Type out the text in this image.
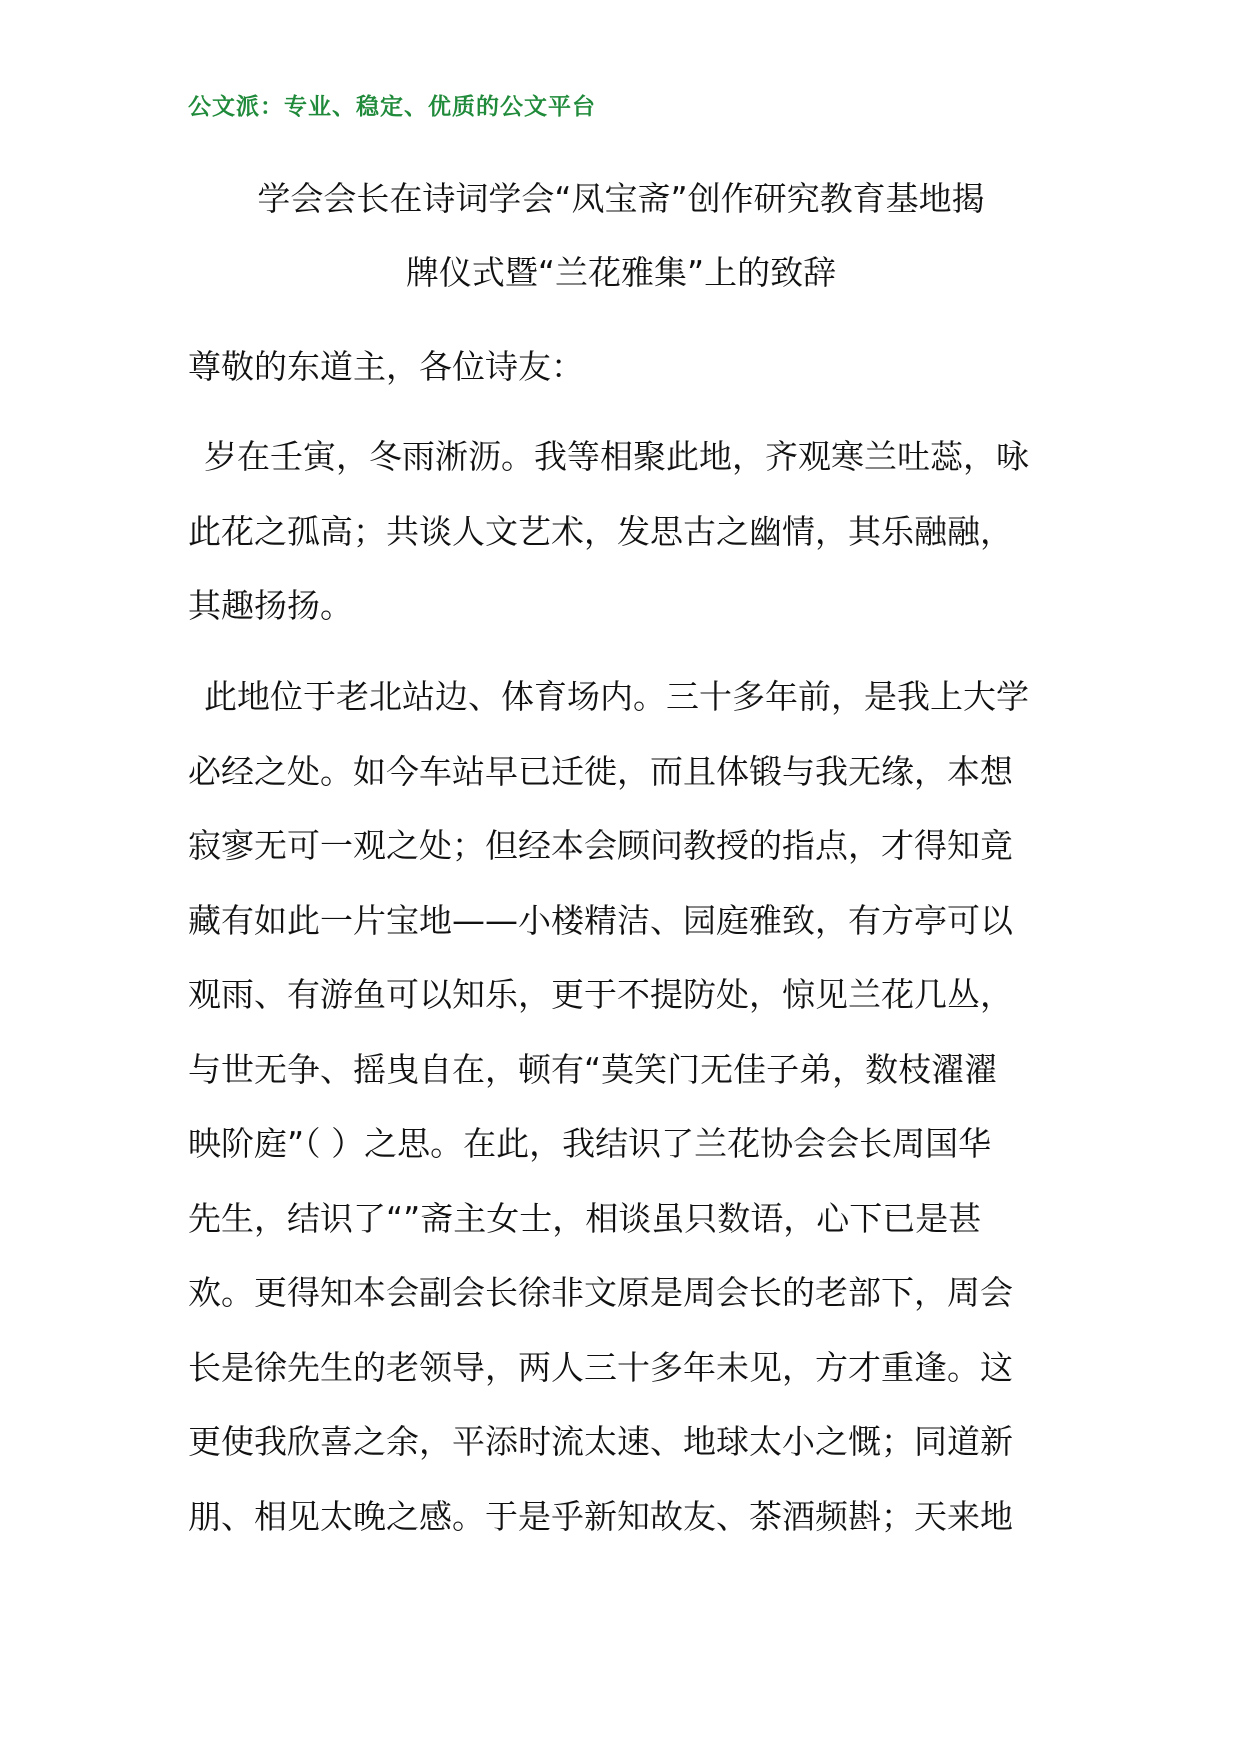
公文派：专业、稳定、优质的公文平台
学会会长在诗词学会“凤宝斋”创作研究教育基地揭
牌仪式暨“兰花雅集”上的致辞
尊敬的东道主，各位诗友：
岁在壬寅，冬雨淅沥。我等相聚此地，齐观寒兰吐蕊，咏
此花之孤高；共谈人文艺术，发思古之幽情，其乐融融，
其趣扬扬。
此地位于老北站边、体育场内。三十多年前，是我上大学
必经之处。如今车站早已迁徙，而且体锻与我无缘，本想
寂寥无可一观之处；但经本会顾问教授的指点，才得知竟
藏有如此一片宝地——小楼精洁、园庭雅致，有方亭可以
观雨、有游鱼可以知乐，更于不提防处，惊见兰花几丛，
与世无争、摇曳自在，顿有“莫笑门无佳子弟，数枝濯濯
映阶庭”（ ）之思。在此，我结识了兰花协会会长周国华
先生，结识了“”斋主女士，相谈虽只数语，心下已是甚
欢。更得知本会副会长徐非文原是周会长的老部下，周会
长是徐先生的老领导，两人三十多年未见，方才重逢。这
更使我欣喜之余，平添时流太速、地球太小之慨；同道新
朋、相见太晚之感。于是乎新知故友、茶酒频斟；天来地
